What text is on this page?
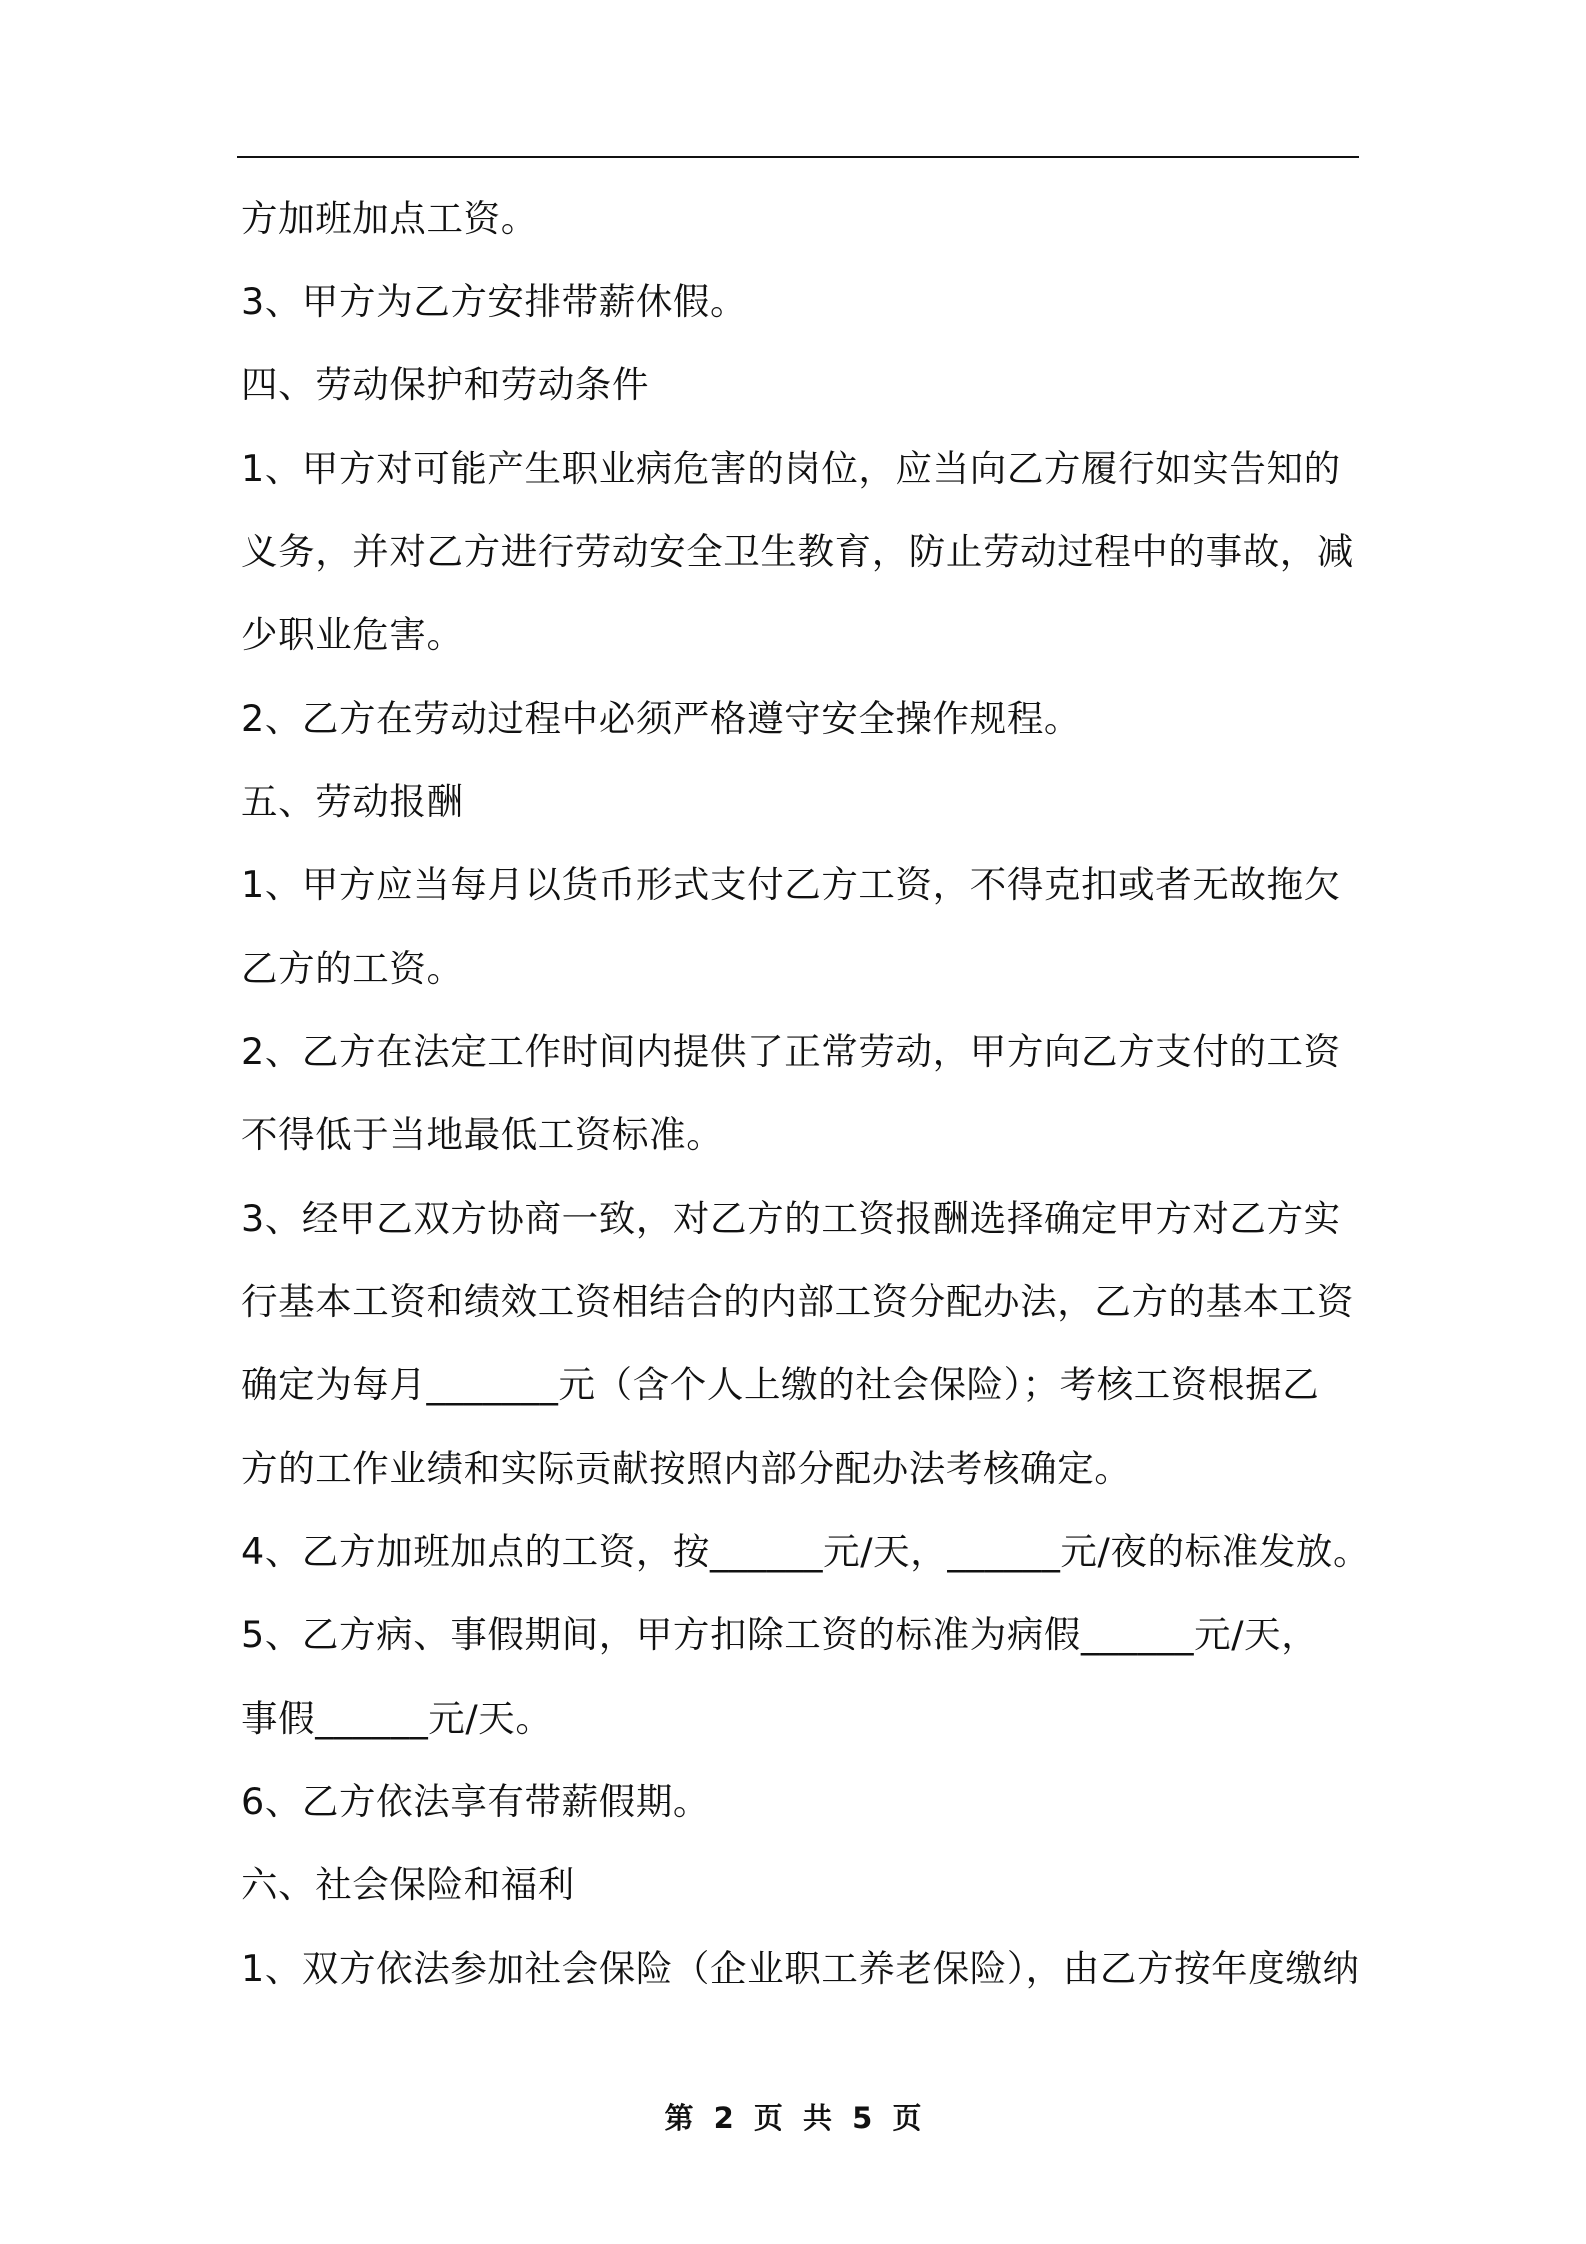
方加班加点工资。
3、甲方为乙方安排带薪休假。
四、劳动保护和劳动条件
1、甲方对可能产生职业病危害的岗位，应当向乙方履行如实告知的
义务，并对乙方进行劳动安全卫生教育，防止劳动过程中的事故，减
少职业危害。
2、乙方在劳动过程中必须严格遵守安全操作规程。
五、劳动报酬
1、甲方应当每月以货币形式支付乙方工资，不得克扣或者无故拖欠
乙方的工资。
2、乙方在法定工作时间内提供了正常劳动，甲方向乙方支付的工资
不得低于当地最低工资标准。
3、经甲乙双方协商一致，对乙方的工资报酬选择确定甲方对乙方实
行基本工资和绩效工资相结合的内部工资分配办法，乙方的基本工资
确定为每月_______元（含个人上缴的社会保险）；考核工资根据乙
方的工作业绩和实际贡献按照内部分配办法考核确定。
4、乙方加班加点的工资，按______元/天，______元/夜的标准发放。
5、乙方病、事假期间，甲方扣除工资的标准为病假______元/天，
事假______元/天。
6、乙方依法享有带薪假期。
六、社会保险和福利
1、双方依法参加社会保险（企业职工养老保险），由乙方按年度缴纳
第 2 页 共 5 页
